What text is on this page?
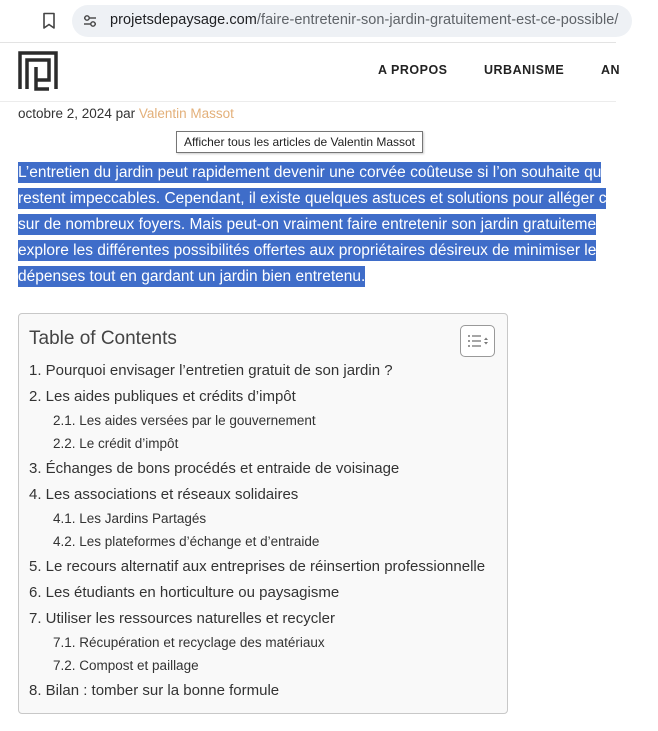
projetsdepaysage.com/faire-entretenir-son-jardin-gratuitement-est-ce-possible/
A PROPOS	URBANISME	AN
octobre 2, 2024 par Valentin Massot
Afficher tous les articles de Valentin Massot
L’entretien du jardin peut rapidement devenir une corvée coûteuse si l’on souhaite qu
restent impeccables. Cependant, il existe quelques astuces et solutions pour alléger c
sur de nombreux foyers. Mais peut-on vraiment faire entretenir son jardin gratuiteme
explore les différentes possibilités offertes aux propriétaires désireux de minimiser le
dépenses tout en gardant un jardin bien entretenu.
Table of Contents
1. Pourquoi envisager l’entretien gratuit de son jardin ?
2. Les aides publiques et crédits d’impôt
2.1. Les aides versées par le gouvernement
2.2. Le crédit d’impôt
3. Échanges de bons procédés et entraide de voisinage
4. Les associations et réseaux solidaires
4.1. Les Jardins Partagés
4.2. Les plateformes d’échange et d’entraide
5. Le recours alternatif aux entreprises de réinsertion professionnelle
6. Les étudiants en horticulture ou paysagisme
7. Utiliser les ressources naturelles et recycler
7.1. Récupération et recyclage des matériaux
7.2. Compost et paillage
8. Bilan : tomber sur la bonne formule
